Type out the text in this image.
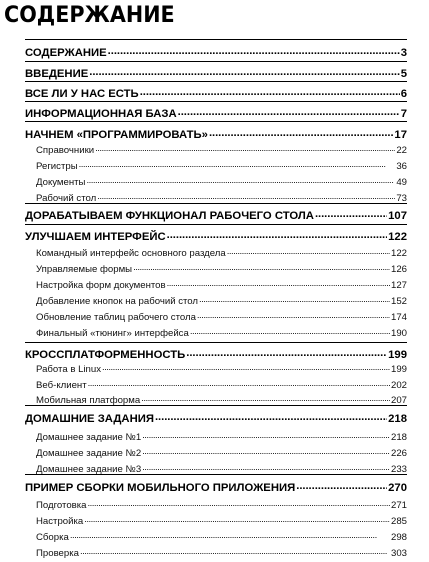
СОДЕРЖАНИЕ
СОДЕРЖАНИЕ . . .	3
ВВЕДЕНИЕ . . .	5
ВСЕ ЛИ У НАС ЕСТЬ . . .	6
ИНФОРМАЦИОННАЯ БАЗА . . .	7
НАЧНЕМ «ПРОГРАММИРОВАТЬ» . . .	17
Справочники . . .	22
Регистры . . .	36
Документы . . .	49
Рабочий стол . . .	73
ДОРАБАТЫВАЕМ ФУНКЦИОНАЛ РАБОЧЕГО СТОЛА . . .	107
УЛУЧШАЕМ ИНТЕРФЕЙС . . .	122
Командный интерфейс основного раздела . . .	122
Управляемые формы . . .	126
Настройка форм документов . . .	127
Добавление кнопок на рабочий стол . . .	152
Обновление таблиц рабочего стола . . .	174
Финальный «тюнинг» интерфейса . . .	190
КРОССПЛАТФОРМЕННОСТЬ . . .	199
Работа в Linux . . .	199
Веб-клиент . . .	202
Мобильная платформа . . .	207
ДОМАШНИЕ ЗАДАНИЯ . . .	218
Домашнее задание №1 . . .	218
Домашнее задание №2 . . .	226
Домашнее задание №3 . . .	233
ПРИМЕР СБОРКИ МОБИЛЬНОГО ПРИЛОЖЕНИЯ . . .	270
Подготовка . . .	271
Настройка . . .	285
Сборка . . .	298
Проверка . . .	303
